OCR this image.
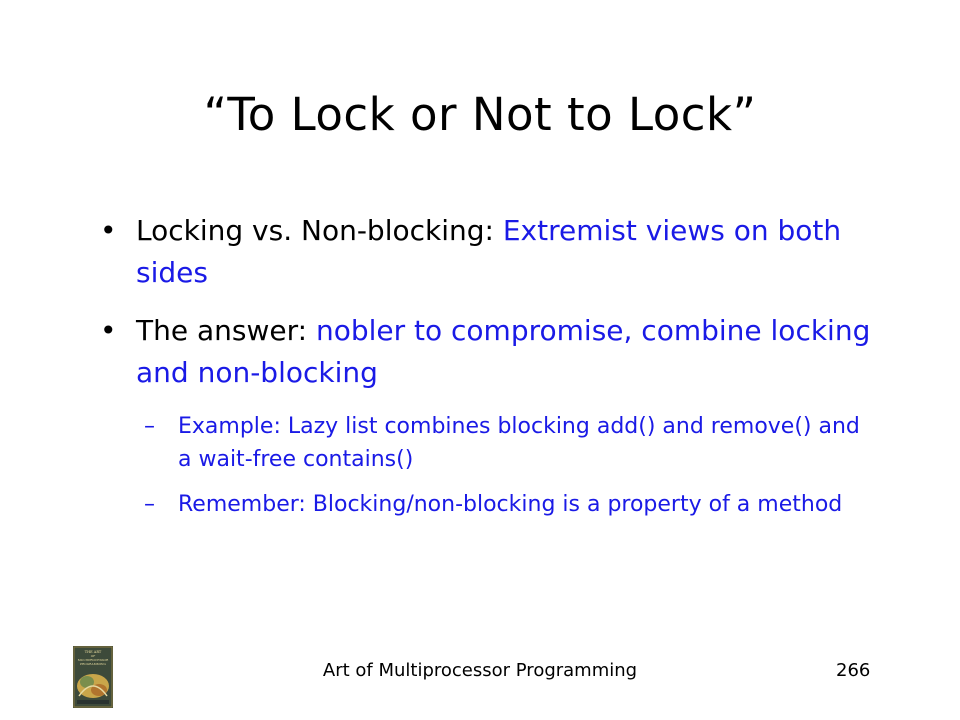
“To Lock or Not to Lock”
• Locking vs. Non-blocking: Extremist views on both sides
• The answer: nobler to compromise, combine locking and non-blocking
– Example: Lazy list combines blocking add() and remove() and a wait-free contains()
– Remember: Blocking/non-blocking is a property of a method
THE ART
OF
MULTIPROCESSOR
PROGRAMMING	Art of Multiprocessor Programming	266
